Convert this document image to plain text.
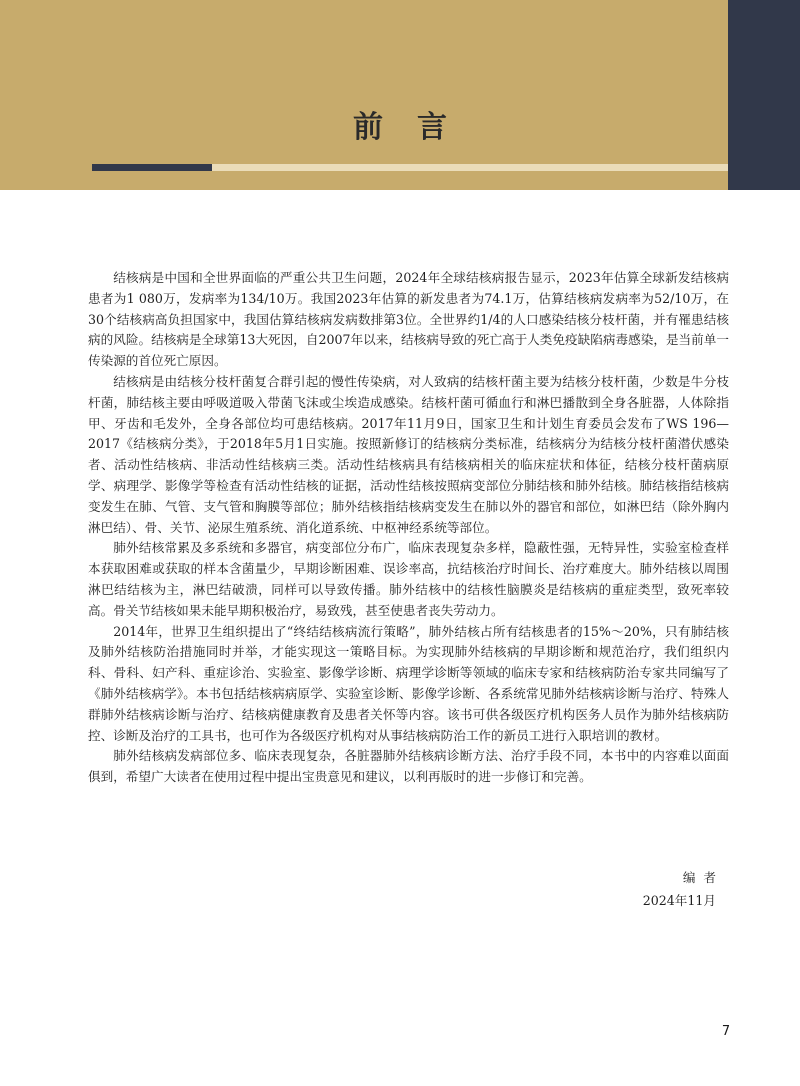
前言

结核病是中国和全世界面临的严重公共卫生问题，2024年全球结核病报告显示，2023年估算全球新发结核病患者为1 080万，发病率为134/10万。我国2023年估算的新发患者为74.1万，估算结核病发病率为52/10万，在30个结核病高负担国家中，我国估算结核病发病数排第3位。全世界约1/4的人口感染结核分枝杆菌，并有罹患结核病的风险。结核病是全球第13大死因，自2007年以来，结核病导致的死亡高于人类免疫缺陷病毒感染，是当前单一传染源的首位死亡原因。

结核病是由结核分枝杆菌复合群引起的慢性传染病，对人致病的结核杆菌主要为结核分枝杆菌，少数是牛分枝杆菌，肺结核主要由呼吸道吸入带菌飞沫或尘埃造成感染。结核杆菌可循血行和淋巴播散到全身各脏器，人体除指甲、牙齿和毛发外，全身各部位均可患结核病。2017年11月9日，国家卫生和计划生育委员会发布了WS 196—2017《结核病分类》，于2018年5月1日实施。按照新修订的结核病分类标准，结核病分为结核分枝杆菌潜伏感染者、活动性结核病、非活动性结核病三类。活动性结核病具有结核病相关的临床症状和体征，结核分枝杆菌病原学、病理学、影像学等检查有活动性结核的证据，活动性结核按照病变部位分肺结核和肺外结核。肺结核指结核病变发生在肺、气管、支气管和胸膜等部位；肺外结核指结核病变发生在肺以外的器官和部位，如淋巴结（除外胸内淋巴结）、骨、关节、泌尿生殖系统、消化道系统、中枢神经系统等部位。

肺外结核常累及多系统和多器官，病变部位分布广，临床表现复杂多样，隐蔽性强，无特异性，实验室检查样本获取困难或获取的样本含菌量少，早期诊断困难、误诊率高，抗结核治疗时间长、治疗难度大。肺外结核以周围淋巴结结核为主，淋巴结破溃，同样可以导致传播。肺外结核中的结核性脑膜炎是结核病的重症类型，致死率较高。骨关节结核如果未能早期积极治疗，易致残，甚至使患者丧失劳动力。

2014年，世界卫生组织提出了“终结结核病流行策略”，肺外结核占所有结核患者的15%～20%，只有肺结核及肺外结核防治措施同时并举，才能实现这一策略目标。为实现肺外结核病的早期诊断和规范治疗，我们组织内科、骨科、妇产科、重症诊治、实验室、影像学诊断、病理学诊断等领域的临床专家和结核病防治专家共同编写了《肺外结核病学》。本书包括结核病病原学、实验室诊断、影像学诊断、各系统常见肺外结核病诊断与治疗、特殊人群肺外结核病诊断与治疗、结核病健康教育及患者关怀等内容。该书可供各级医疗机构医务人员作为肺外结核病防控、诊断及治疗的工具书，也可作为各级医疗机构对从事结核病防治工作的新员工进行入职培训的教材。

肺外结核病发病部位多、临床表现复杂，各脏器肺外结核病诊断方法、治疗手段不同，本书中的内容难以面面俱到，希望广大读者在使用过程中提出宝贵意见和建议，以利再版时的进一步修订和完善。

编者
2024年11月
7
